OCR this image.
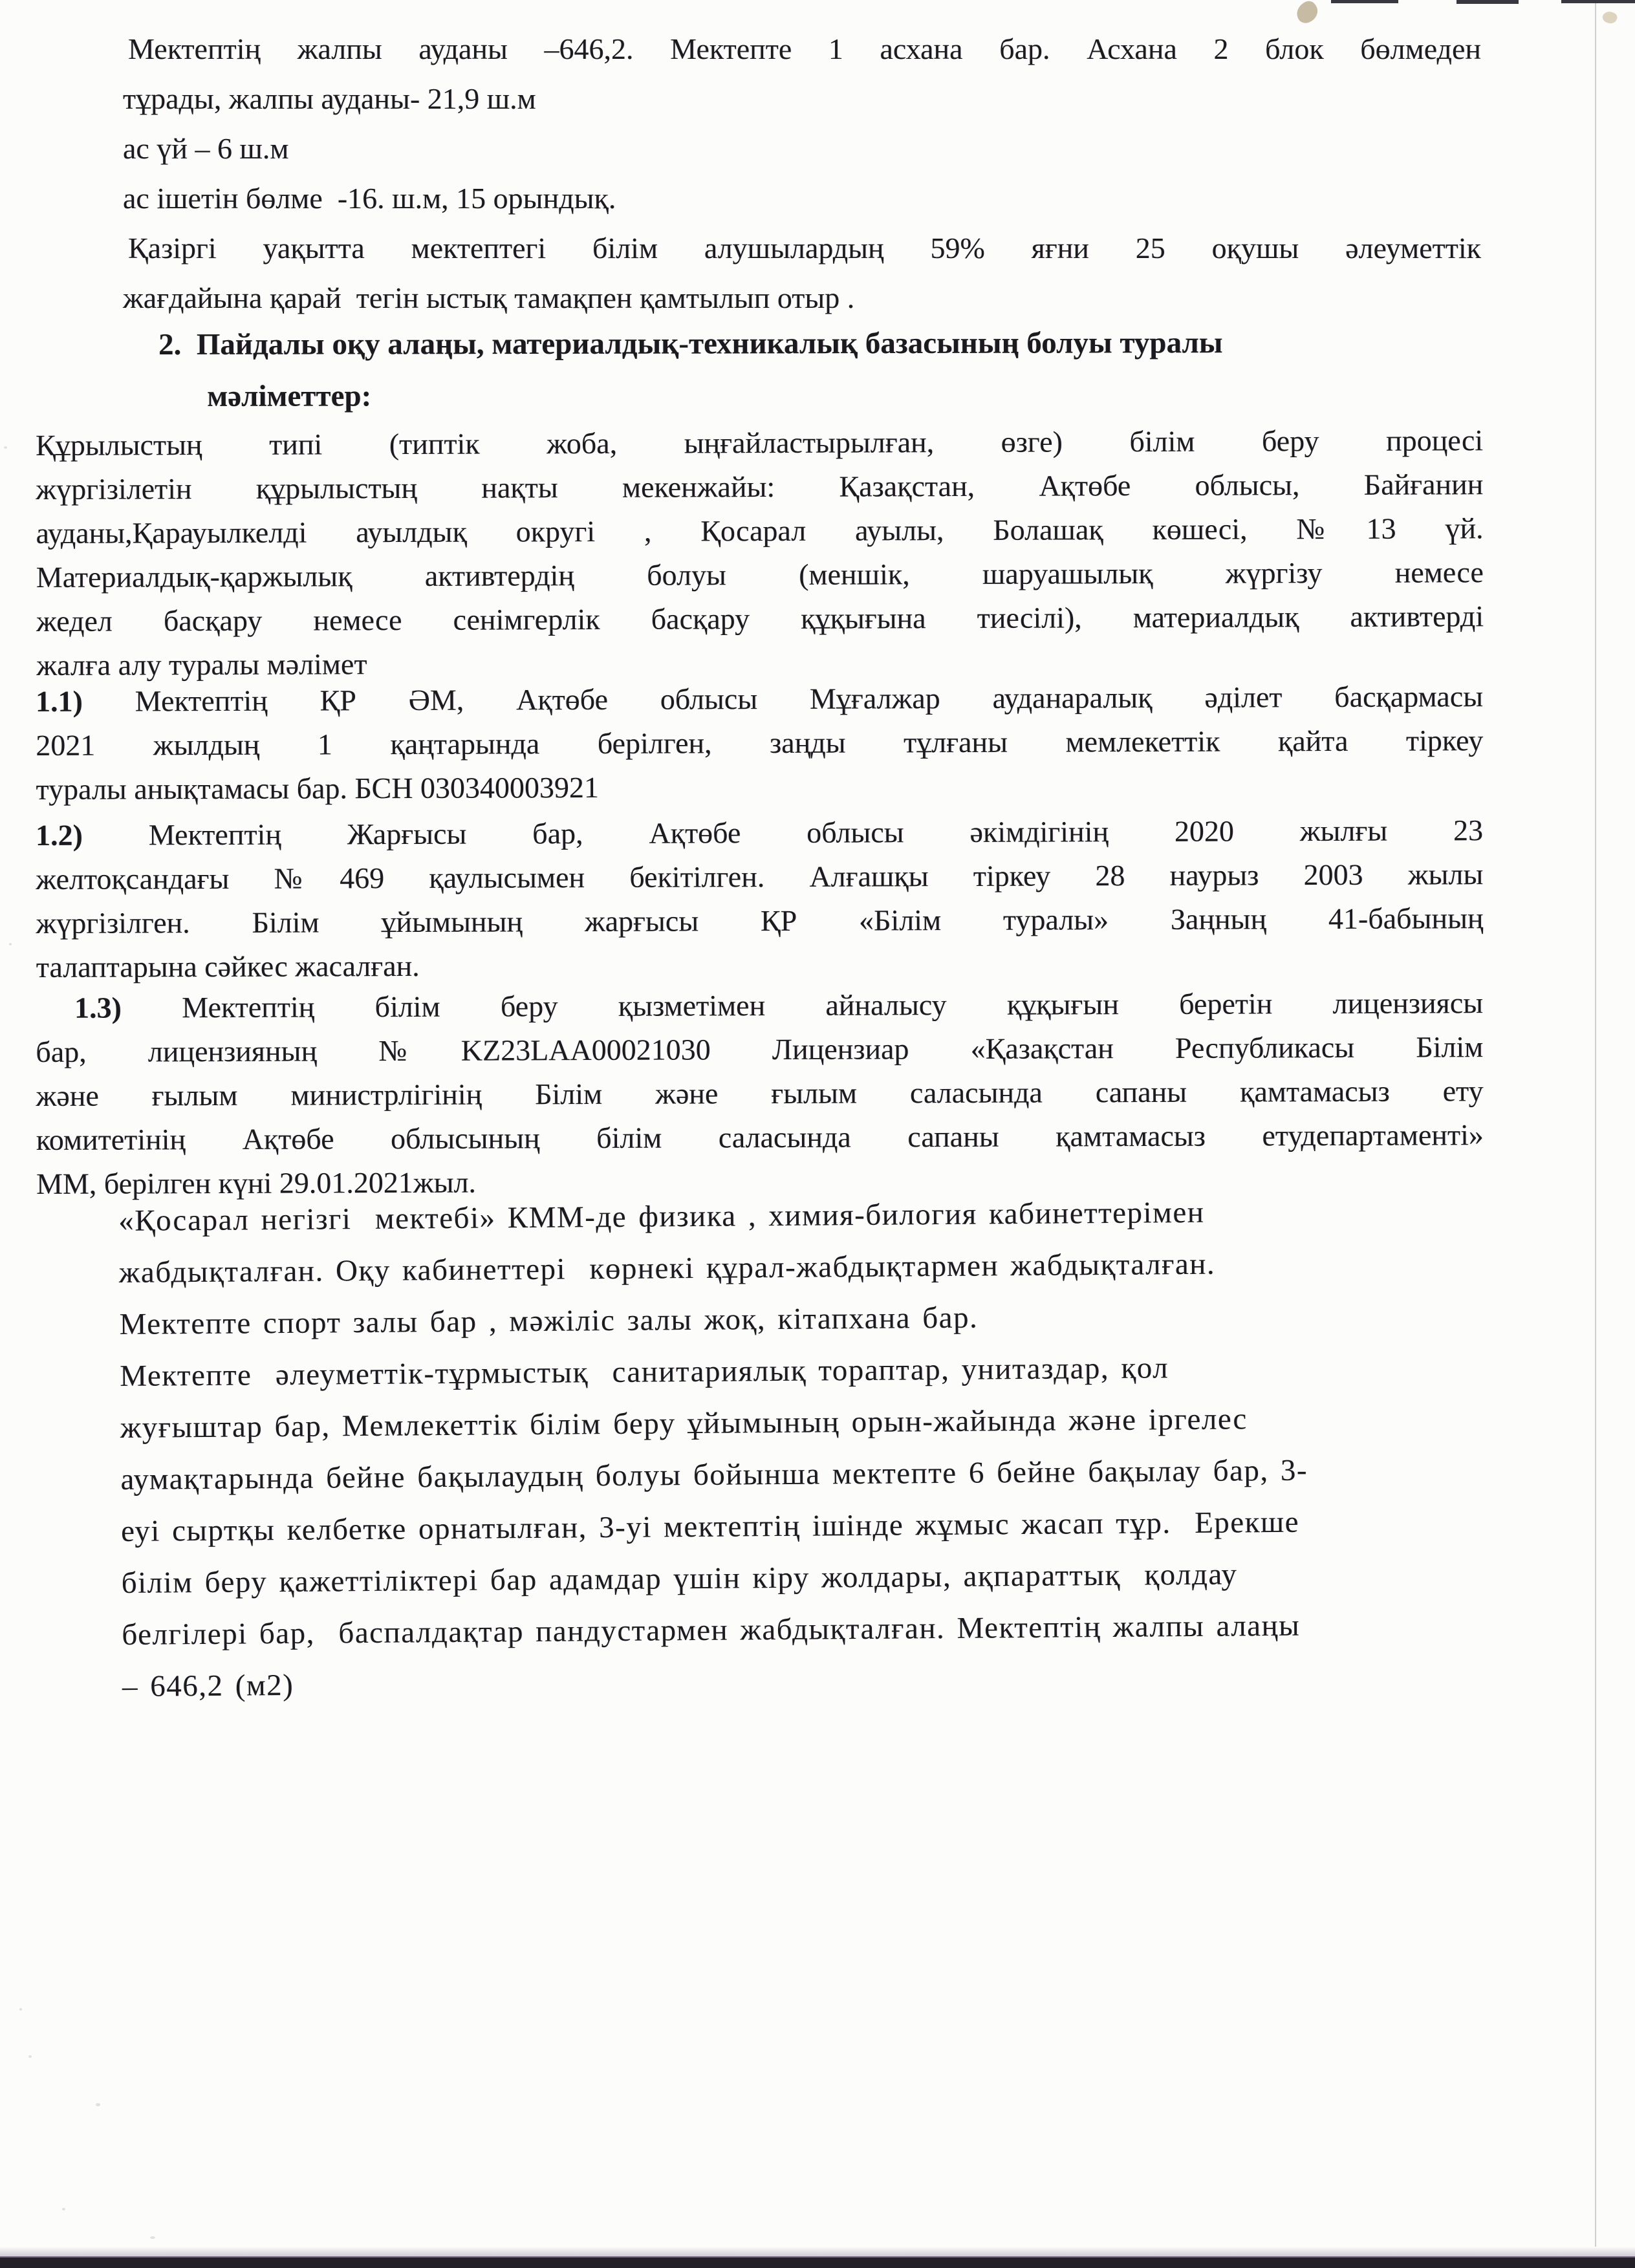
Мектептің жалпы ауданы –646,2. Мектепте 1 асхана бар. Асхана 2 блок бөлмеден
тұрады, жалпы ауданы- 21,9 ш.м
ас үй – 6 ш.м
ас ішетін бөлме  -16. ш.м, 15 орындық.
Қазіргі уақытта мектептегі білім алушылардың 59% яғни 25 оқушы әлеуметтік
жағдайына қарай  тегін ыстық тамақпен қамтылып отыр .
2.  Пайдалы оқу алаңы, материалдық-техникалық базасының болуы туралы
мәліметтер:
Құрылыстың типі (типтік жоба, ыңғайластырылған, өзге) білім беру процесі
жүргізілетін құрылыстың нақты мекенжайы: Қазақстан, Ақтөбе облысы, Байғанин
ауданы,Қарауылкелді ауылдық округі , Қосарал ауылы, Болашақ көшесі, №13 үй.
Материалдық-қаржылық активтердің болуы (меншік, шаруашылық жүргізу немесе
жедел басқару немесе сенімгерлік басқару құқығына тиесілі), материалдық активтерді
жалға алу туралы мәлімет
1.1) Мектептің ҚР ӘМ, Ақтөбе облысы Мұғалжар ауданаралық әділет басқармасы
2021 жылдың 1 қаңтарында берілген, заңды тұлғаны мемлекеттік қайта тіркеу
туралы анықтамасы бар. БСН 030340003921
1.2) Мектептің Жарғысы бар, Ақтөбе облысы әкімдігінің 2020 жылғы 23
желтоқсандағы №469 қаулысымен бекітілген. Алғашқы тіркеу 28 наурыз 2003 жылы
жүргізілген. Білім ұйымының жарғысы ҚР «Білім туралы» Заңның 41-бабының
талаптарына сәйкес жасалған.
1.3) Мектептің білім беру қызметімен айналысу құқығын беретін лицензиясы
бар, лицензияның №KZ23LAA00021030 Лицензиар «Қазақстан Республикасы Білім
және ғылым министрлігінің Білім және ғылым саласында сапаны қамтамасыз ету
комитетінің Ақтөбе облысының білім саласында сапаны қамтамасыз етудепартаменті»
ММ, берілген күні 29.01.2021жыл.
«Қосарал негізгі  мектебі» КММ-де физика , химия-билогия кабинеттерімен
жабдықталған. Оқу кабинеттері  көрнекі құрал-жабдықтармен жабдықталған.
Мектепте спорт залы бар , мәжіліс залы жоқ, кітапхана бар.
Мектепте  әлеуметтік-тұрмыстық  санитариялық тораптар, унитаздар, қол
жуғыштар бар, Мемлекеттік білім беру ұйымының орын-жайында және іргелес
аумақтарында бейне бақылаудың болуы бойынша мектепте 6 бейне бақылау бар, 3-
еуі сыртқы келбетке орнатылған, 3-уі мектептің ішінде жұмыс жасап тұр.  Ерекше
білім беру қажеттіліктері бар адамдар үшін кіру жолдары, ақпараттық  қолдау
белгілері бар,  баспалдақтар пандустармен жабдықталған. Мектептің жалпы алаңы
– 646,2 (м2)
